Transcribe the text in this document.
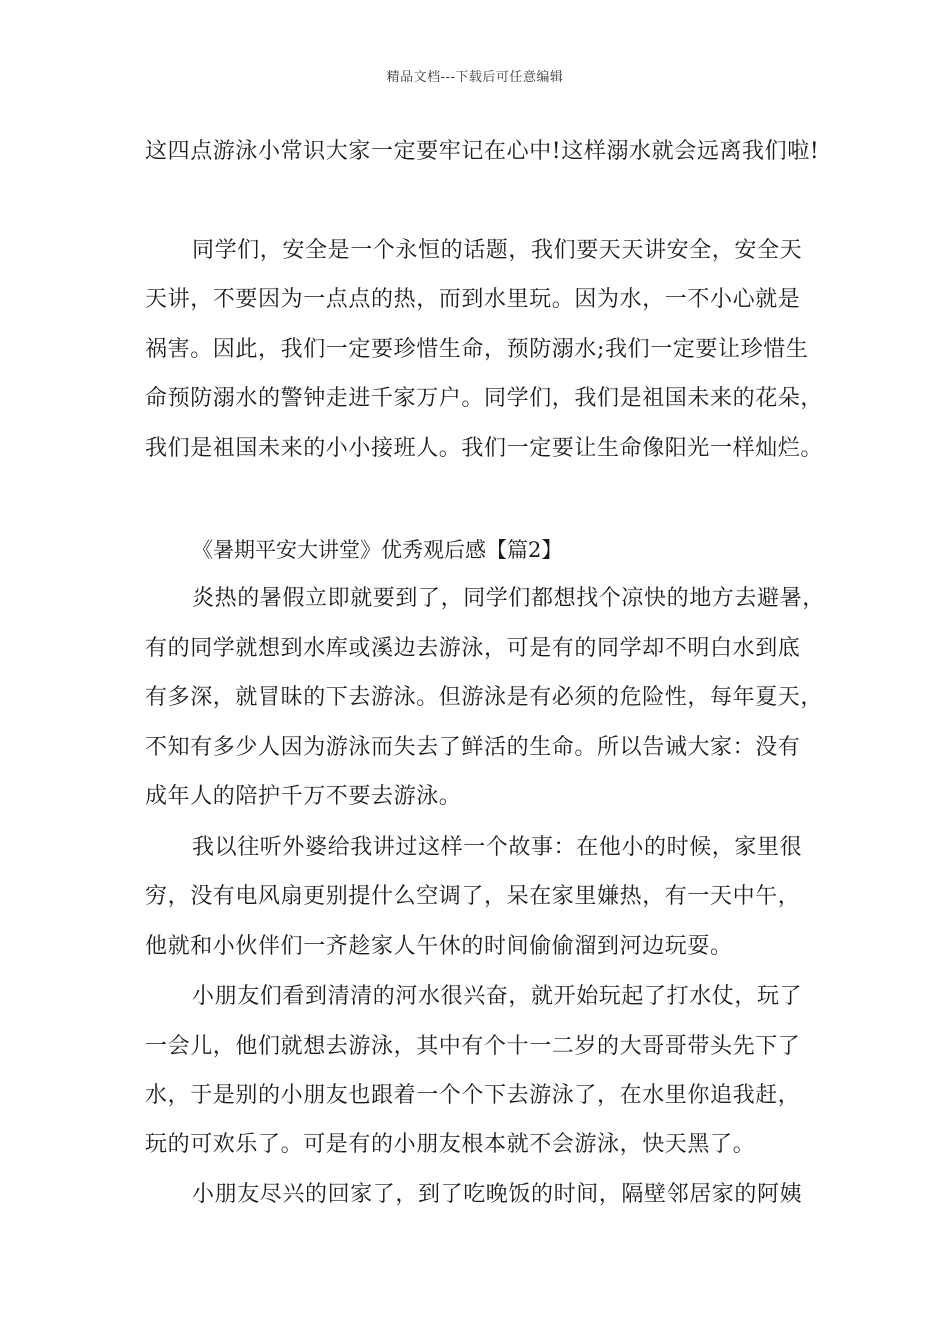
精品文档---下载后可任意编辑
这四点游泳小常识大家一定要牢记在心中!这样溺水就会远离我们啦!
同学们，安全是一个永恒的话题，我们要天天讲安全，安全天
天讲，不要因为一点点的热，而到水里玩。因为水，一不小心就是
祸害。因此，我们一定要珍惜生命，预防溺水;我们一定要让珍惜生
命预防溺水的警钟走进千家万户。同学们，我们是祖国未来的花朵，
我们是祖国未来的小小接班人。我们一定要让生命像阳光一样灿烂。
《暑期平安大讲堂》优秀观后感【篇2】
炎热的暑假立即就要到了，同学们都想找个凉快的地方去避暑，
有的同学就想到水库或溪边去游泳，可是有的同学却不明白水到底
有多深，就冒昧的下去游泳。但游泳是有必须的危险性，每年夏天，
不知有多少人因为游泳而失去了鲜活的生命。所以告诫大家：没有
成年人的陪护千万不要去游泳。
我以往听外婆给我讲过这样一个故事：在他小的时候，家里很
穷，没有电风扇更别提什么空调了，呆在家里嫌热，有一天中午，
他就和小伙伴们一齐趁家人午休的时间偷偷溜到河边玩耍。
小朋友们看到清清的河水很兴奋，就开始玩起了打水仗，玩了
一会儿，他们就想去游泳，其中有个十一二岁的大哥哥带头先下了
水，于是别的小朋友也跟着一个个下去游泳了，在水里你追我赶，
玩的可欢乐了。可是有的小朋友根本就不会游泳，快天黑了。
小朋友尽兴的回家了，到了吃晚饭的时间，隔壁邻居家的阿姨
